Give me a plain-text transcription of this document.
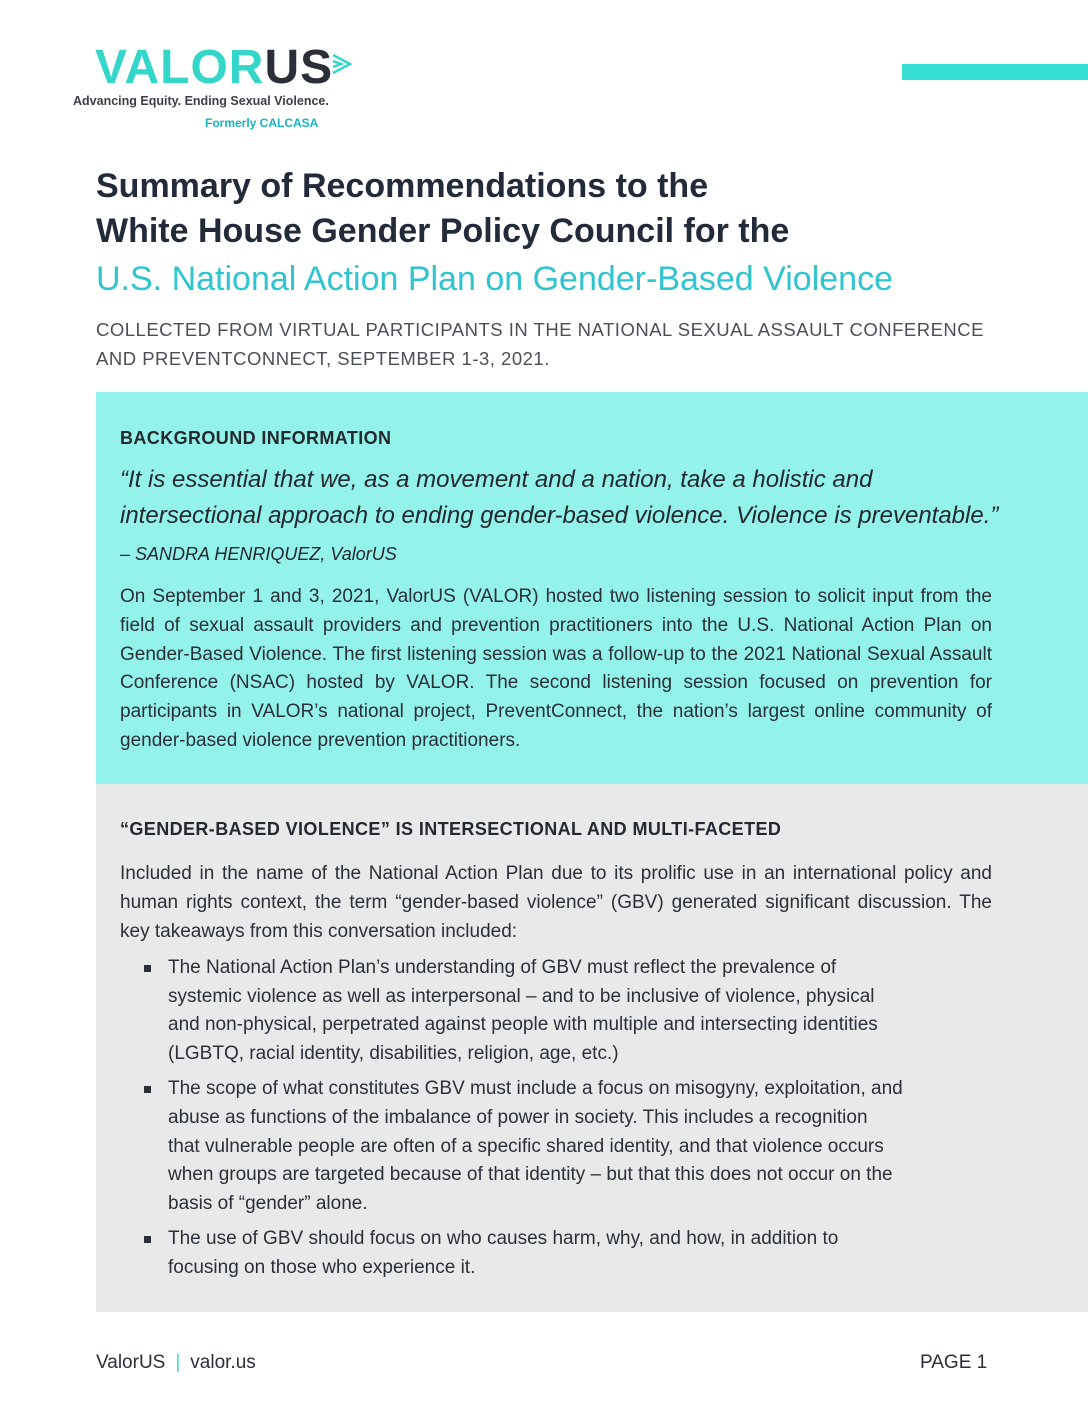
VALORUS
Advancing Equity. Ending Sexual Violence.
Formerly CALCASA
Summary of Recommendations to the
White House Gender Policy Council for the
U.S. National Action Plan on Gender-Based Violence
COLLECTED FROM VIRTUAL PARTICIPANTS IN THE NATIONAL SEXUAL ASSAULT CONFERENCE AND PREVENTCONNECT, SEPTEMBER 1-3, 2021.
BACKGROUND INFORMATION
“It is essential that we, as a movement and a nation, take a holistic and intersectional approach to ending gender-based violence. Violence is preventable.” – SANDRA HENRIQUEZ, ValorUS
On September 1 and 3, 2021, ValorUS (VALOR) hosted two listening session to solicit input from the field of sexual assault providers and prevention practitioners into the U.S. National Action Plan on Gender-Based Violence. The first listening session was a follow-up to the 2021 National Sexual Assault Conference (NSAC) hosted by VALOR. The second listening session focused on prevention for participants in VALOR’s national project, PreventConnect, the nation’s largest online community of gender-based violence prevention practitioners.
“GENDER-BASED VIOLENCE” IS INTERSECTIONAL AND MULTI-FACETED
Included in the name of the National Action Plan due to its prolific use in an international policy and human rights context, the term “gender-based violence” (GBV) generated significant discussion. The key takeaways from this conversation included:
The National Action Plan’s understanding of GBV must reflect the prevalence of systemic violence as well as interpersonal – and to be inclusive of violence, physical and non-physical, perpetrated against people with multiple and intersecting identities (LGBTQ, racial identity, disabilities, religion, age, etc.)
The scope of what constitutes GBV must include a focus on misogyny, exploitation, and abuse as functions of the imbalance of power in society. This includes a recognition that vulnerable people are often of a specific shared identity, and that violence occurs when groups are targeted because of that identity – but that this does not occur on the basis of “gender” alone.
The use of GBV should focus on who causes harm, why, and how, in addition to focusing on those who experience it.
ValorUS | valor.us	PAGE 1
